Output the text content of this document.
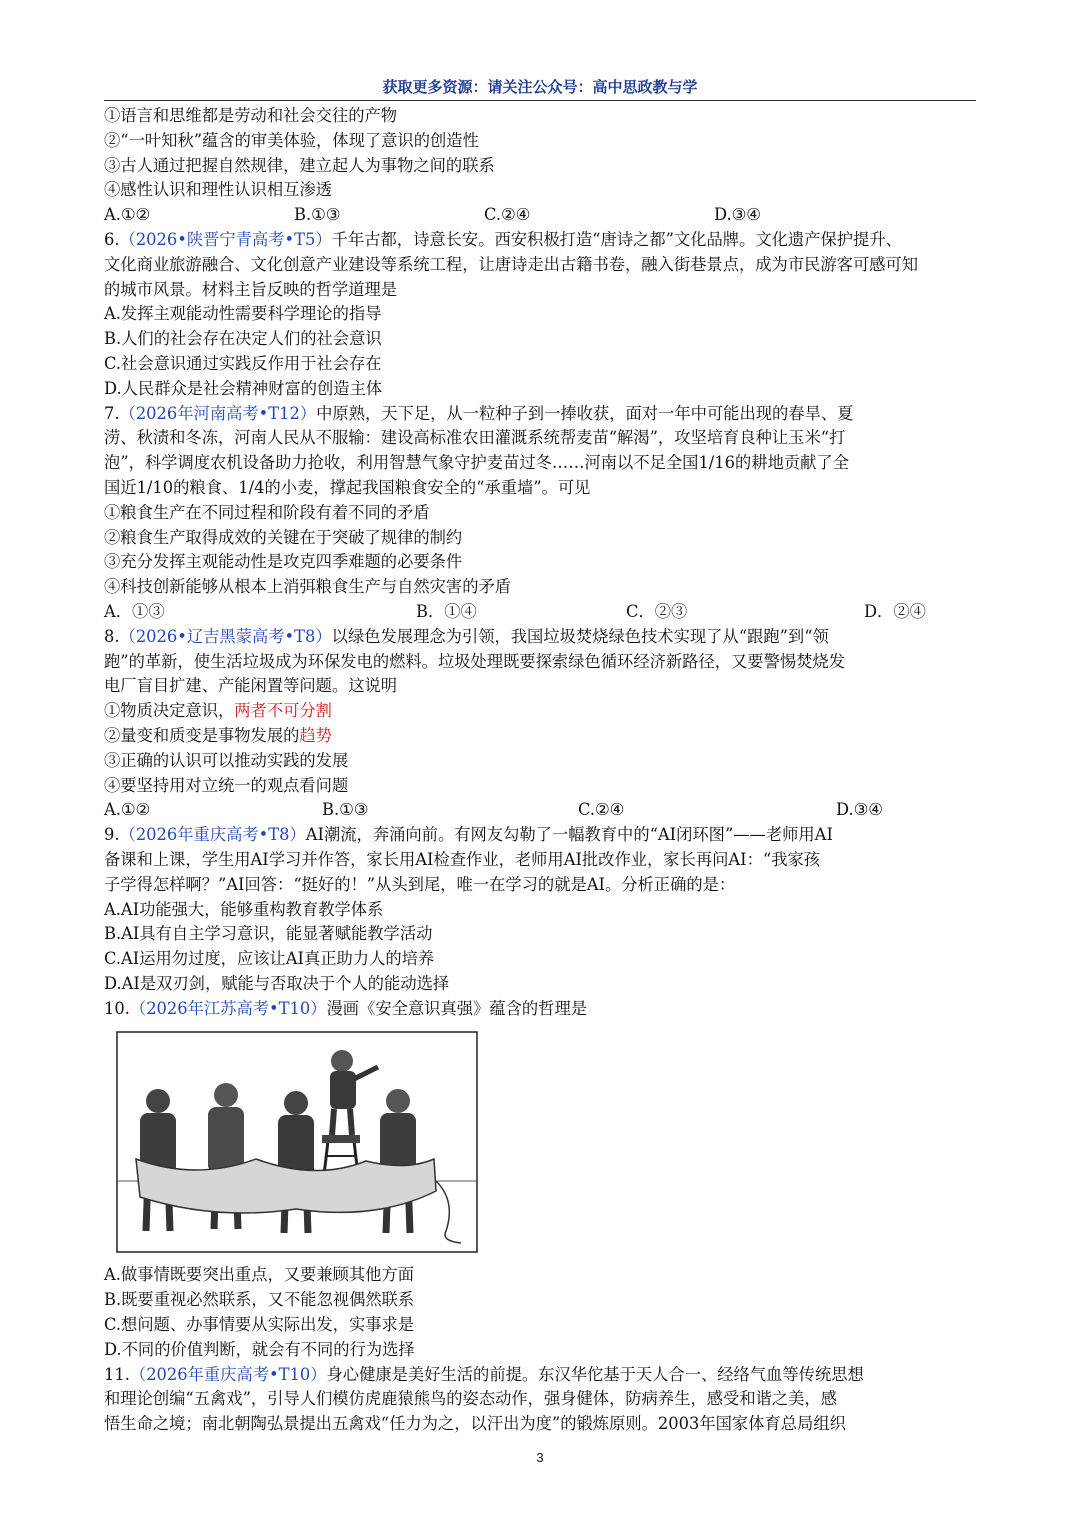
获取更多资源：请关注公众号：高中思政教与学
①语言和思维都是劳动和社会交往的产物
②“一叶知秋”蕴含的审美体验，体现了意识的创造性
③古人通过把握自然规律，建立起人为事物之间的联系
④感性认识和理性认识相互渗透
A.①②	B.①③	C.②④	D.③④
6.（2026•陕晋宁青高考•T5）千年古都，诗意长安。西安积极打造“唐诗之都”文化品牌。文化遗产保护提升、
文化商业旅游融合、文化创意产业建设等系统工程，让唐诗走出古籍书卷，融入街巷景点，成为市民游客可感可知
的城市风景。材料主旨反映的哲学道理是
A.发挥主观能动性需要科学理论的指导
B.人们的社会存在决定人们的社会意识
C.社会意识通过实践反作用于社会存在
D.人民群众是社会精神财富的创造主体
7.（2026年河南高考•T12）中原熟，天下足，从一粒种子到一捧收获，面对一年中可能出现的春旱、夏
涝、秋渍和冬冻，河南人民从不服输：建设高标准农田灌溉系统帮麦苗“解渴”，攻坚培育良种让玉米“打
泡”，科学调度农机设备助力抢收，利用智慧气象守护麦苗过冬……河南以不足全国1/16的耕地贡献了全
国近1/10的粮食、1/4的小麦，撑起我国粮食安全的“承重墙”。可见
①粮食生产在不同过程和阶段有着不同的矛盾
②粮食生产取得成效的关键在于突破了规律的制约
③充分发挥主观能动性是攻克四季难题的必要条件
④科技创新能够从根本上消弭粮食生产与自然灾害的矛盾
A．①③	B．①④	C．②③	D．②④
8.（2026•辽吉黑蒙高考•T8）以绿色发展理念为引领，我国垃圾焚烧绿色技术实现了从“跟跑”到“领
跑”的革新，使生活垃圾成为环保发电的燃料。垃圾处理既要探索绿色循环经济新路径，又要警惕焚烧发
电厂盲目扩建、产能闲置等问题。这说明
①物质决定意识，两者不可分割
②量变和质变是事物发展的趋势
③正确的认识可以推动实践的发展
④要坚持用对立统一的观点看问题
A.①②	B.①③	C.②④	D.③④
9.（2026年重庆高考•T8）AI潮流，奔涌向前。有网友勾勒了一幅教育中的“AI闭环图”——老师用AI
备课和上课，学生用AI学习并作答，家长用AI检查作业，老师用AI批改作业，家长再问AI：“我家孩
子学得怎样啊？”AI回答：“挺好的！”从头到尾，唯一在学习的就是AI。分析正确的是：
A.AI功能强大，能够重构教育教学体系
B.AI具有自主学习意识，能显著赋能教学活动
C.AI运用勿过度，应该让AI真正助力人的培养
D.AI是双刃剑，赋能与否取决于个人的能动选择
10.（2026年江苏高考•T10）漫画《安全意识真强》蕴含的哲理是
A.做事情既要突出重点，又要兼顾其他方面
B.既要重视必然联系，又不能忽视偶然联系
C.想问题、办事情要从实际出发，实事求是
D.不同的价值判断，就会有不同的行为选择
11.（2026年重庆高考•T10）身心健康是美好生活的前提。东汉华佗基于天人合一、经络气血等传统思想
和理论创编“五禽戏”，引导人们模仿虎鹿猿熊鸟的姿态动作，强身健体，防病养生，感受和谐之美，感
悟生命之境；南北朝陶弘景提出五禽戏“任力为之，以汗出为度”的锻炼原则。2003年国家体育总局组织
3
